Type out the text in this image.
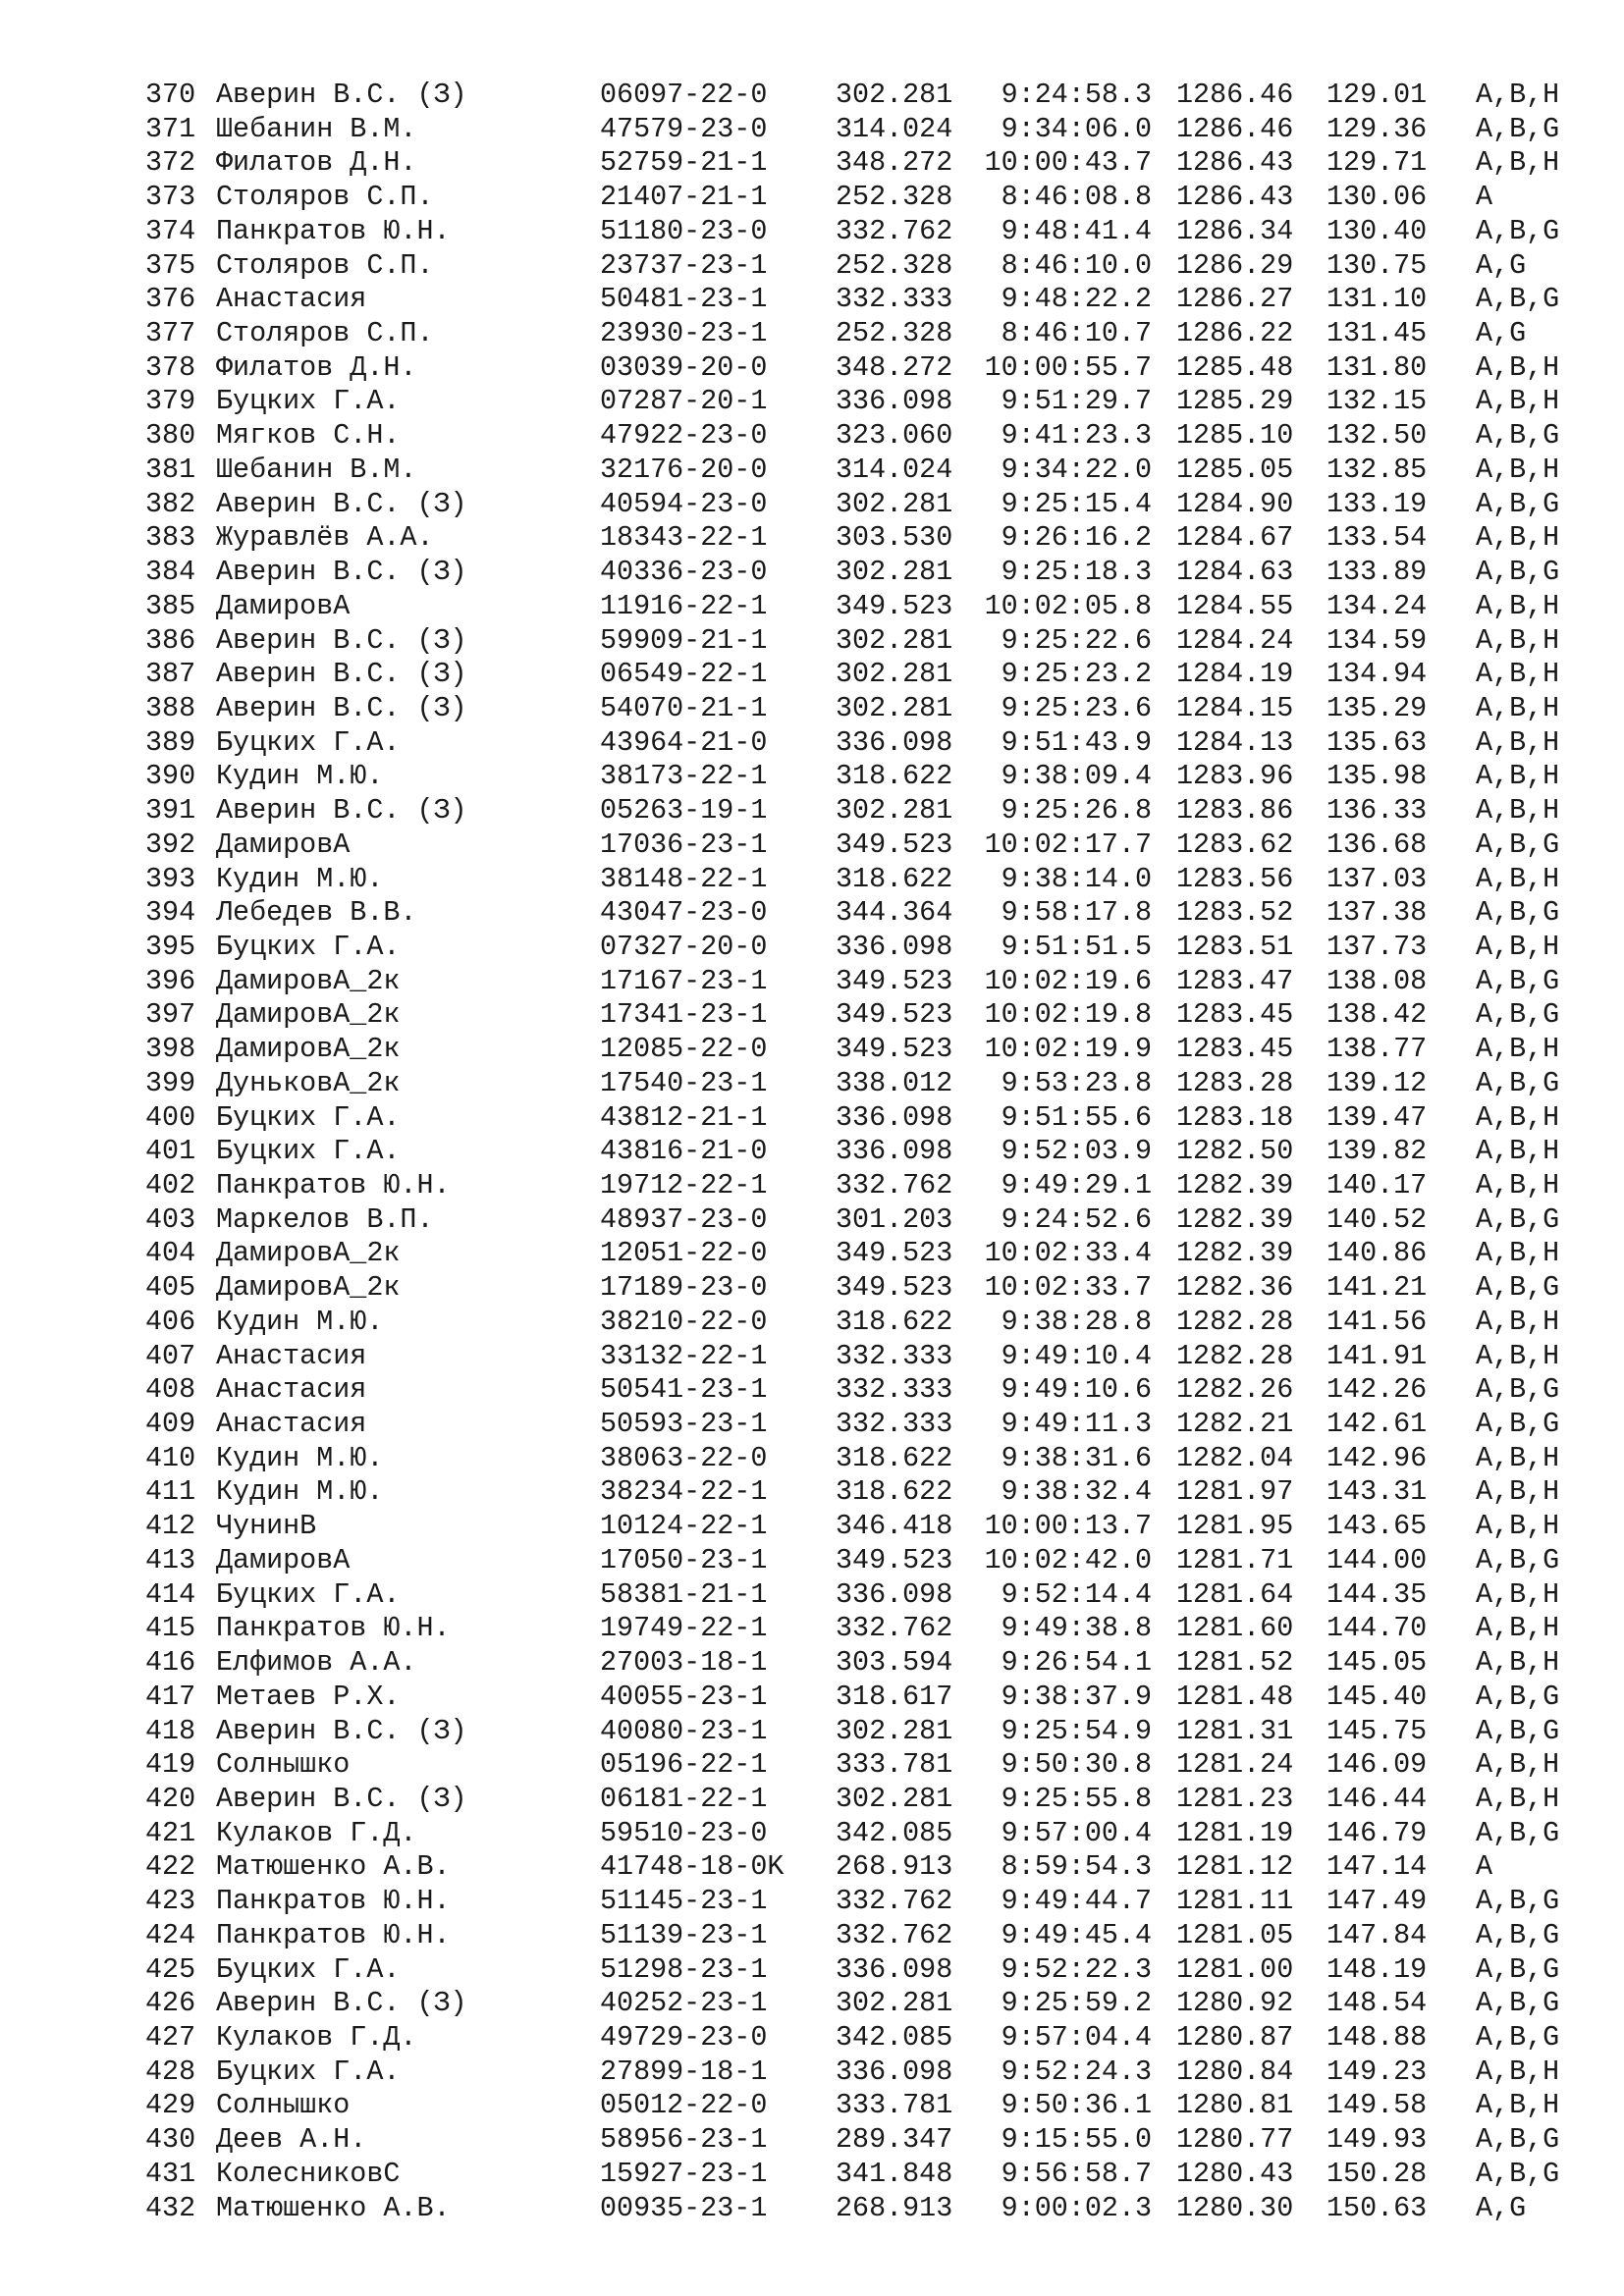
370 Аверин В.С. (З)	06097-22-0 302.281	9:24:58.3 1286.46 129.01 A,B,H
371 Шебанин В.М.	47579-23-0 314.024	9:34:06.0 1286.46 129.36 A,B,G
372 Филатов Д.Н.	52759-21-1 348.272	10:00:43.7 1286.43 129.71 A,B,H
373 Столяров С.П.	21407-21-1 252.328	8:46:08.8 1286.43 130.06 A
374 Панкратов Ю.Н.	51180-23-0 332.762	9:48:41.4 1286.34 130.40 A,B,G
375 Столяров С.П.	23737-23-1 252.328	8:46:10.0 1286.29 130.75 A,G
376 Анастасия	50481-23-1 332.333	9:48:22.2 1286.27 131.10 A,B,G
377 Столяров С.П.	23930-23-1 252.328	8:46:10.7 1286.22 131.45 A,G
378 Филатов Д.Н.	03039-20-0 348.272	10:00:55.7 1285.48 131.80 A,B,H
379 Буцких Г.А.	07287-20-1 336.098	9:51:29.7 1285.29 132.15 A,B,H
380 Мягков С.Н.	47922-23-0 323.060	9:41:23.3 1285.10 132.50 A,B,G
381 Шебанин В.М.	32176-20-0 314.024	9:34:22.0 1285.05 132.85 A,B,H
382 Аверин В.С. (З)	40594-23-0 302.281	9:25:15.4 1284.90 133.19 A,B,G
383 Журавлёв А.А.	18343-22-1 303.530	9:26:16.2 1284.67 133.54 A,B,H
384 Аверин В.С. (З)	40336-23-0 302.281	9:25:18.3 1284.63 133.89 A,B,G
385 ДамировА	11916-22-1 349.523	10:02:05.8 1284.55 134.24 A,B,H
386 Аверин В.С. (З)	59909-21-1 302.281	9:25:22.6 1284.24 134.59 A,B,H
387 Аверин В.С. (З)	06549-22-1 302.281	9:25:23.2 1284.19 134.94 A,B,H
388 Аверин В.С. (З)	54070-21-1 302.281	9:25:23.6 1284.15 135.29 A,B,H
389 Буцких Г.А.	43964-21-0 336.098	9:51:43.9 1284.13 135.63 A,B,H
390 Кудин М.Ю.	38173-22-1 318.622	9:38:09.4 1283.96 135.98 A,B,H
391 Аверин В.С. (З)	05263-19-1 302.281	9:25:26.8 1283.86 136.33 A,B,H
392 ДамировА	17036-23-1 349.523	10:02:17.7 1283.62 136.68 A,B,G
393 Кудин М.Ю.	38148-22-1 318.622	9:38:14.0 1283.56 137.03 A,B,H
394 Лебедев В.В.	43047-23-0 344.364	9:58:17.8 1283.52 137.38 A,B,G
395 Буцких Г.А.	07327-20-0 336.098	9:51:51.5 1283.51 137.73 A,B,H
396 ДамировА_2к	17167-23-1 349.523	10:02:19.6 1283.47 138.08 A,B,G
397 ДамировА_2к	17341-23-1 349.523	10:02:19.8 1283.45 138.42 A,B,G
398 ДамировА_2к	12085-22-0 349.523	10:02:19.9 1283.45 138.77 A,B,H
399 ДуньковА_2к	17540-23-1 338.012	9:53:23.8 1283.28 139.12 A,B,G
400 Буцких Г.А.	43812-21-1 336.098	9:51:55.6 1283.18 139.47 A,B,H
401 Буцких Г.А.	43816-21-0 336.098	9:52:03.9 1282.50 139.82 A,B,H
402 Панкратов Ю.Н.	19712-22-1 332.762	9:49:29.1 1282.39 140.17 A,B,H
403 Маркелов В.П.	48937-23-0 301.203	9:24:52.6 1282.39 140.52 A,B,G
404 ДамировА_2к	12051-22-0 349.523	10:02:33.4 1282.39 140.86 A,B,H
405 ДамировА_2к	17189-23-0 349.523	10:02:33.7 1282.36 141.21 A,B,G
406 Кудин М.Ю.	38210-22-0 318.622	9:38:28.8 1282.28 141.56 A,B,H
407 Анастасия	33132-22-1 332.333	9:49:10.4 1282.28 141.91 A,B,H
408 Анастасия	50541-23-1 332.333	9:49:10.6 1282.26 142.26 A,B,G
409 Анастасия	50593-23-1 332.333	9:49:11.3 1282.21 142.61 A,B,G
410 Кудин М.Ю.	38063-22-0 318.622	9:38:31.6 1282.04 142.96 A,B,H
411 Кудин М.Ю.	38234-22-1 318.622	9:38:32.4 1281.97 143.31 A,B,H
412 ЧунинВ	10124-22-1 346.418	10:00:13.7 1281.95 143.65 A,B,H
413 ДамировА	17050-23-1 349.523	10:02:42.0 1281.71 144.00 A,B,G
414 Буцких Г.А.	58381-21-1 336.098	9:52:14.4 1281.64 144.35 A,B,H
415 Панкратов Ю.Н.	19749-22-1 332.762	9:49:38.8 1281.60 144.70 A,B,H
416 Елфимов А.А.	27003-18-1 303.594	9:26:54.1 1281.52 145.05 A,B,H
417 Метаев Р.Х.	40055-23-1 318.617	9:38:37.9 1281.48 145.40 A,B,G
418 Аверин В.С. (З)	40080-23-1 302.281	9:25:54.9 1281.31 145.75 A,B,G
419 Солнышко	05196-22-1 333.781	9:50:30.8 1281.24 146.09 A,B,H
420 Аверин В.С. (З)	06181-22-1 302.281	9:25:55.8 1281.23 146.44 A,B,H
421 Кулаков Г.Д.	59510-23-0 342.085	9:57:00.4 1281.19 146.79 A,B,G
422 Матюшенко А.В.	41748-18-0K 268.913	8:59:54.3 1281.12 147.14 A
423 Панкратов Ю.Н.	51145-23-1 332.762	9:49:44.7 1281.11 147.49 A,B,G
424 Панкратов Ю.Н.	51139-23-1 332.762	9:49:45.4 1281.05 147.84 A,B,G
425 Буцких Г.А.	51298-23-1 336.098	9:52:22.3 1281.00 148.19 A,B,G
426 Аверин В.С. (З)	40252-23-1 302.281	9:25:59.2 1280.92 148.54 A,B,G
427 Кулаков Г.Д.	49729-23-0 342.085	9:57:04.4 1280.87 148.88 A,B,G
428 Буцких Г.А.	27899-18-1 336.098	9:52:24.3 1280.84 149.23 A,B,H
429 Солнышко	05012-22-0 333.781	9:50:36.1 1280.81 149.58 A,B,H
430 Деев А.Н.	58956-23-1 289.347	9:15:55.0 1280.77 149.93 A,B,G
431 КолесниковС	15927-23-1 341.848	9:56:58.7 1280.43 150.28 A,B,G
432 Матюшенко А.В.	00935-23-1 268.913	9:00:02.3 1280.30 150.63 A,G
